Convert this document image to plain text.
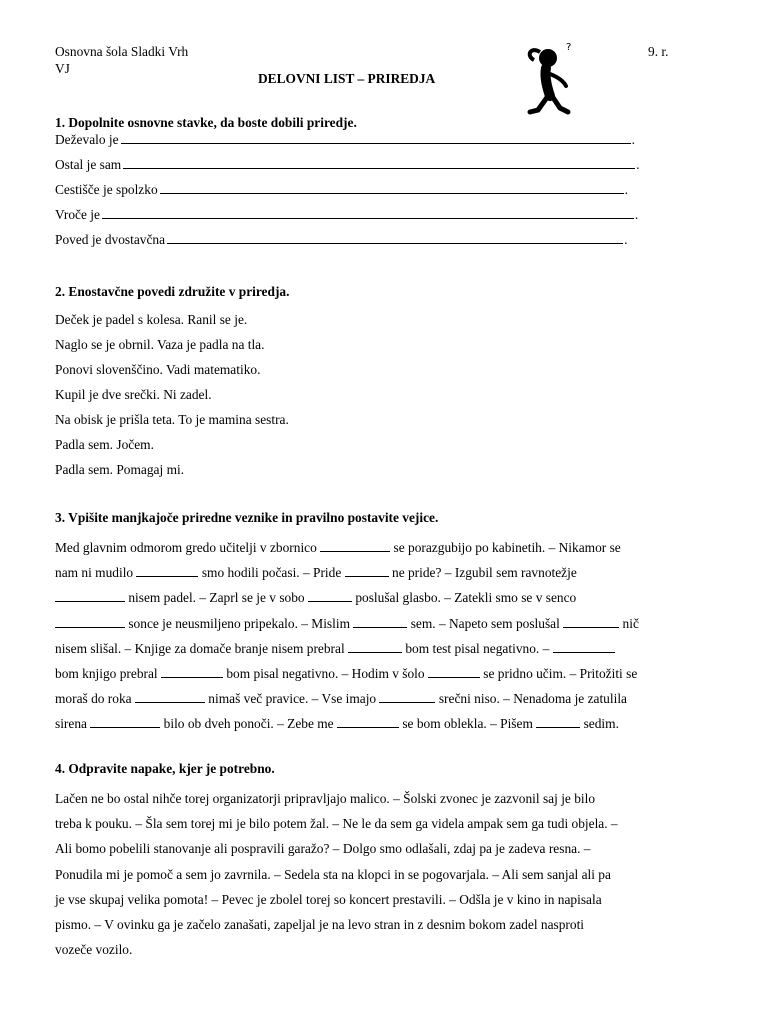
Osnovna šola Sladki Vrh
VJ
9. r.
DELOVNI LIST – PRIREDJA
?
1. Dopolnite osnovne stavke, da boste dobili priredje.
Deževalo je	.
Ostal je sam	.
Cestišče je spolzko	.
Vroče je	.
Poved je dvostavčna	.
2. Enostavčne povedi združite v priredja.
Deček je padel s kolesa. Ranil se je.
Naglo se je obrnil. Vaza je padla na tla.
Ponovi slovenščino. Vadi matematiko.
Kupil je dve srečki. Ni zadel.
Na obisk je prišla teta. To je mamina sestra.
Padla sem. Jočem.
Padla sem. Pomagaj mi.
3. Vpišite manjkajoče priredne veznike in pravilno postavite vejice.
Med glavnim odmorom gredo učitelji v zbornico	se porazgubijo po kabinetih. – Nikamor se
nam ni mudilo	smo hodili počasi. – Pride	ne pride? – Izgubil sem ravnotežje
nisem padel. – Zaprl se je v sobo	poslušal glasbo. – Zatekli smo se v senco
sonce je neusmiljeno pripekalo. – Mislim	sem. – Napeto sem poslušal	nič
nisem slišal. – Knjige za domače branje nisem prebral	bom test pisal negativno. –
bom knjigo prebral	bom pisal negativno. – Hodim v šolo	se pridno učim. – Pritožiti se
moraš do roka	nimaš več pravice. – Vse imajo	srečni niso. – Nenadoma je zatulila
sirena	bilo ob dveh ponoči. – Zebe me	se bom oblekla. – Pišem	sedim.
4. Odpravite napake, kjer je potrebno.
Lačen ne bo ostal nihče torej organizatorji pripravljajo malico. – Šolski zvonec je zazvonil saj je bilo
treba k pouku. – Šla sem torej mi je bilo potem žal. – Ne le da sem ga videla ampak sem ga tudi objela. –
Ali bomo pobelili stanovanje ali pospravili garažo? – Dolgo smo odlašali, zdaj pa je zadeva resna. –
Ponudila mi je pomoč a sem jo zavrnila. – Sedela sta na klopci in se pogovarjala. – Ali sem sanjal ali pa
je vse skupaj velika pomota! – Pevec je zbolel torej so koncert prestavili. – Odšla je v kino in napisala
pismo. – V ovinku ga je začelo zanašati, zapeljal je na levo stran in z desnim bokom zadel nasproti
vozeče vozilo.
